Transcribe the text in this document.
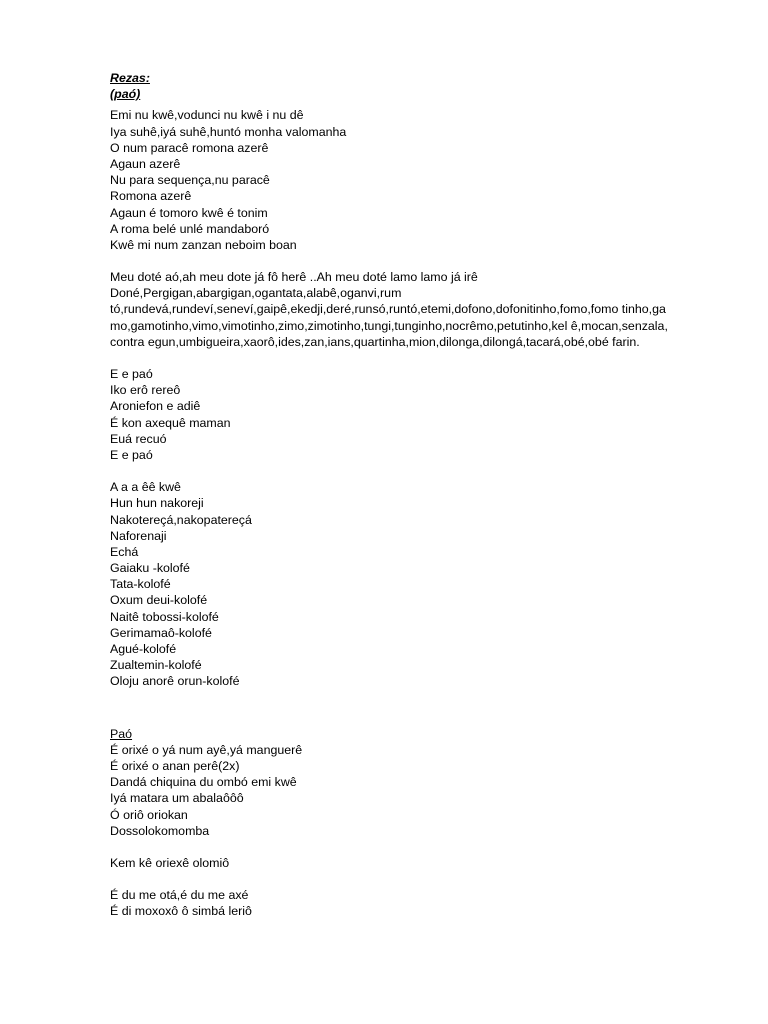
Rezas:
(paó)
Emi nu kwê,vodunci nu kwê i nu dê
Iya suhê,iyá suhê,huntó monha valomanha
O num paracê romona azerê
Agaun azerê
Nu para sequença,nu paracê
Romona azerê
Agaun é tomoro kwê é tonim
A roma belé unlé mandaboró
Kwê mi num zanzan neboim boan
Meu doté aó,ah meu dote já fô herê ..Ah meu doté lamo lamo já irê
Doné,Pergigan,abargigan,ogantata,alabê,oganvi,rum
tó,rundevá,rundeví,seneví,gaipê,ekedji,deré,runsó,runtó,etemi,dofono,dofonitinho,fomo,fomo tinho,gamo,gamotinho,vimo,vimotinho,zimo,zimotinho,tungi,tunginho,nocrêmo,petutinho,kel ê,mocan,senzala,contra egun,umbigueira,xaorô,ides,zan,ians,quartinha,mion,dilonga,dilongá,tacará,obé,obé farin.
E e paó
Iko erô rereô
Aroniefon e adiê
É kon axequê maman
Euá recuó
E e paó
A a a êê kwê
Hun hun nakoreji
Nakotereçá,nakopatereçá
Naforenaji
Echá
Gaiaku -kolofé
Tata-kolofé
Oxum deui-kolofé
Naitê tobossi-kolofé
Gerimamaô-kolofé
Agué-kolofé
Zualtemin-kolofé
Oloju anorê orun-kolofé
Paó
É orixé o yá num ayê,yá manguerê
É orixé o anan perê(2x)
Dandá chiquina du ombó emi kwê
Iyá matara um abalaôôô
Ó oriô oriokan
Dossolokomomba
Kem kê oriexê olomiô
É du me otá,é du me axé
É di moxoxô ô simbá leriô
